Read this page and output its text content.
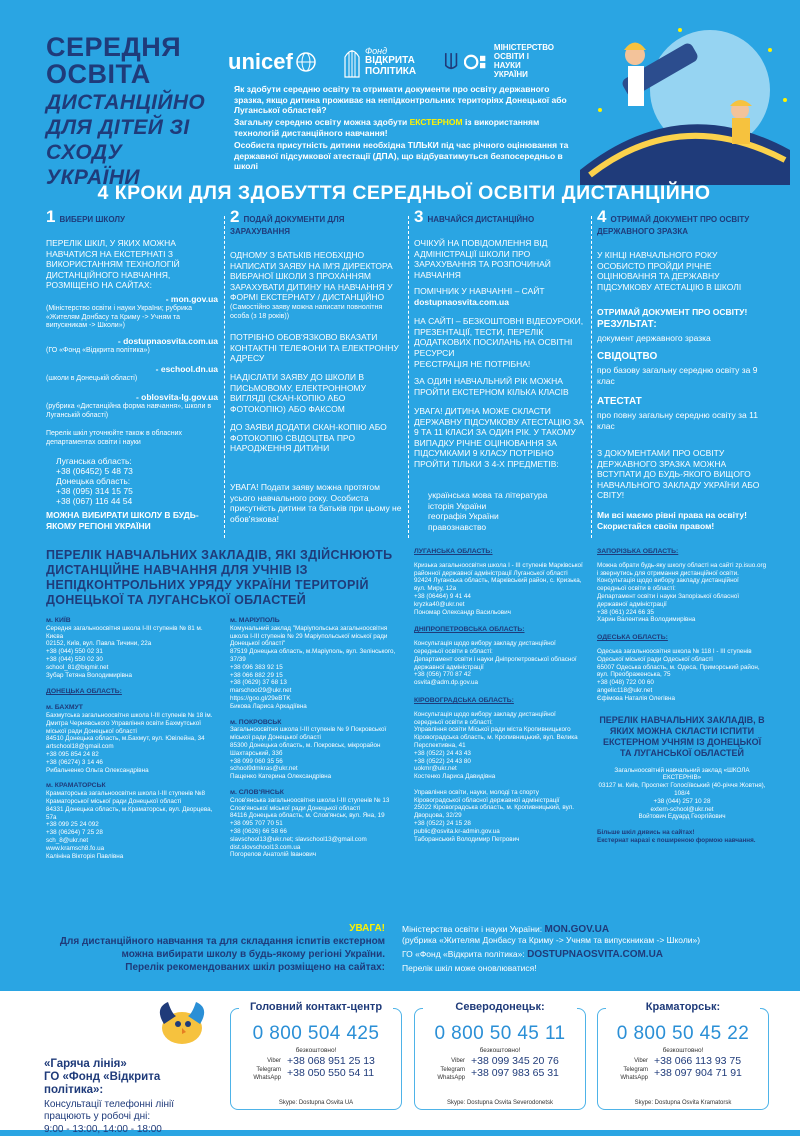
СЕРЕДНЯ
ОСВІТА
ДИСТАНЦІЙНО
ДЛЯ ДІТЕЙ ЗІ
СХОДУ УКРАЇНИ
unicef	Фонд
ВІДКРИТА
ПОЛІТИКА
МІНІСТЕРСТВО
ОСВІТИ І НАУКИ
УКРАЇНИ

Як здобути середню освіту та отримати документи про освіту державного зразка, якщо дитина проживає на непідконтрольних територіях Донецької або Луганської областей?

Загальну середню освіту можна здобути ЕКСТЕРНОМ із використанням технологій дистанційного навчання!

Особиста присутність дитини необхідна ТІЛЬКИ під час річного оцінювання та державної підсумкової атестації (ДПА), що відбуватимуться безпосередньо в школі

4 КРОКИ ДЛЯ ЗДОБУТТЯ СЕРЕДНЬОЇ ОСВІТИ ДИСТАНЦІЙНО
1 ВИБЕРИ ШКОЛУ
ПЕРЕЛІК ШКІЛ, У ЯКИХ МОЖНА НАВЧАТИСЯ НА ЕКСТЕРНАТІ З ВИКОРИСТАННЯМ ТЕХНОЛОГІЙ ДИСТАНЦІЙНОГО НАВЧАННЯ, РОЗМІЩЕНО НА САЙТАХ:
- mon.gov.ua
(Міністерство освіти і науки України; рубрика «Жителям Донбасу та Криму -> Учням та випускникам -> Школи»)
- dostupnaosvita.com.ua
(ГО «Фонд «Відкрита політика»)
- eschool.dn.ua
(школи в Донецькій області)
- oblosvita-lg.gov.ua
(рубрика «Дистанційна форма навчання», школи в Луганській області)
Перелік шкіл уточнюйте також в обласних департаментах освіти і науки
Луганська область:
+38 (06452) 5 48 73
Донецька область:
+38 (095) 314 15 75
+38 (067) 116 44 54
МОЖНА ВИБИРАТИ ШКОЛУ В БУДЬ-ЯКОМУ РЕГІОНІ УКРАЇНИ
2 ПОДАЙ ДОКУМЕНТИ ДЛЯ ЗАРАХУВАННЯ
ОДНОМУ З БАТЬКІВ НЕОБХІДНО НАПИСАТИ ЗАЯВУ НА ІМ'Я ДИРЕКТОРА ВИБРАНОЇ ШКОЛИ З ПРОХАННЯМ ЗАРАХУВАТИ ДИТИНУ НА НАВЧАННЯ У ФОРМІ ЕКСТЕРНАТУ / ДИСТАНЦІЙНО
(Самостійно заяву можна написати повнолітня особа (з 18 років))
ПОТРІБНО ОБОВ'ЯЗКОВО ВКАЗАТИ КОНТАКТНІ ТЕЛЕФОНИ ТА ЕЛЕКТРОННУ АДРЕСУ
НАДІСЛАТИ ЗАЯВУ ДО ШКОЛИ В ПИСЬМОВОМУ, ЕЛЕКТРОННОМУ ВИГЛЯДІ (СКАН-КОПІЮ АБО ФОТОКОПІЮ) АБО ФАКСОМ
ДО ЗАЯВИ ДОДАТИ СКАН-КОПІЮ АБО ФОТОКОПІЮ СВІДОЦТВА ПРО НАРОДЖЕННЯ ДИТИНИ
УВАГА! Подати заяву можна протягом усього навчального року. Особиста присутність дитини та батьків при цьому не обов'язкова!
3 НАВЧАЙСЯ ДИСТАНЦІЙНО
ОЧІКУЙ НА ПОВІДОМЛЕННЯ ВІД АДМІНІСТРАЦІЇ ШКОЛИ ПРО ЗАРАХУВАННЯ ТА РОЗПОЧИНАЙ НАВЧАННЯ
ПОМІЧНИК У НАВЧАННІ – САЙТ
dostupnaosvita.com.ua
НА САЙТІ – БЕЗКОШТОВНІ ВІДЕОУРОКИ, ПРЕЗЕНТАЦІЇ, ТЕСТИ, ПЕРЕЛІК ДОДАТКОВИХ ПОСИЛАНЬ НА ОСВІТНІ РЕСУРСИ
РЕЄСТРАЦІЯ НЕ ПОТРІБНА!
ЗА ОДИН НАВЧАЛЬНИЙ РІК МОЖНА ПРОЙТИ ЕКСТЕРНОМ КІЛЬКА КЛАСІВ
УВАГА! ДИТИНА МОЖЕ СКЛАСТИ ДЕРЖАВНУ ПІДСУМКОВУ АТЕСТАЦІЮ ЗА 9 ТА 11 КЛАСИ ЗА ОДИН РІК. У ТАКОМУ ВИПАДКУ РІЧНЕ ОЦІНЮВАННЯ ЗА ПІДСУМКАМИ 9 КЛАСУ ПОТРІБНО ПРОЙТИ ТІЛЬКИ З 4-Х ПРЕДМЕТІВ:
українська мова та література
історія України
географія України
правознавство
4 ОТРИМАЙ ДОКУМЕНТ ПРО ОСВІТУ ДЕРЖАВНОГО ЗРАЗКА
У КІНЦІ НАВЧАЛЬНОГО РОКУ ОСОБИСТО ПРОЙДИ РІЧНЕ ОЦІНЮВАННЯ ТА ДЕРЖАВНУ ПІДСУМКОВУ АТЕСТАЦІЮ В ШКОЛІ
ОТРИМАЙ ДОКУМЕНТ ПРО ОСВІТУ!
РЕЗУЛЬТАТ:
документ державного зразка
СВІДОЦТВО
про базову загальну середню освіту за 9 клас
АТЕСТАТ
про повну загальну середню освіту за 11 клас
З ДОКУМЕНТАМИ ПРО ОСВІТУ ДЕРЖАВНОГО ЗРАЗКА МОЖНА ВСТУПАТИ ДО БУДЬ-ЯКОГО ВИЩОГО НАВЧАЛЬНОГО ЗАКЛАДУ УКРАЇНИ АБО СВІТУ!
Ми всі маємо рівні права на освіту! Скористайся своїм правом!
ПЕРЕЛІК НАВЧАЛЬНИХ ЗАКЛАДІВ, ЯКІ ЗДІЙСНЮЮТЬ ДИСТАНЦІЙНЕ НАВЧАННЯ ДЛЯ УЧНІВ ІЗ НЕПІДКОНТРОЛЬНИХ УРЯДУ УКРАЇНИ ТЕРИТОРІЙ ДОНЕЦЬКОЇ ТА ЛУГАНСЬКОЇ ОБЛАСТЕЙ
м. КИЇВ
Середня загальноосвітня школа І-ІІІ ступенів № 81 м. Києва
02152, Київ, вул. Павла Тичини, 22а
+38 (044) 550 02 31
+38 (044) 550 02 30
school_81@bigmir.net
Зубар Тетяна Володимирівна
ДОНЕЦЬКА ОБЛАСТЬ:
м. БАХМУТ
Бахмутська загальноосвітня школа І-ІІІ ступенів № 18 ім. Дмитра Чернявського Управління освіти Бахмутської міської ради Донецької області
84510 Донецька область, м.Бахмут, вул. Ювілейна, 34
artschool18@gmail.com
+38 095 854 24 82
+38 (06274) 3 14 46
Рибальченко Ольга Олександрівна
м. КРАМАТОРСЬК
Краматорська загальноосвітня школа І-ІІІ ступенів №8 Краматорської міської ради Донецької області
84331 Донецька область, м.Краматорськ, вул. Дворцева, 57а
+38 099 25 24 092
+38 (06264) 7 25 28
sch_8@ukr.net
www.kramsch8.fo.ua
Калініна Вікторія Павлівна
м. МАРІУПОЛЬ
Комунальний заклад "Маріупольська загальноосвітня школа І-ІІІ ступенів № 29 Маріупольської міської ради Донецької області"
87519 Донецька область, м.Маріуполь, вул. Зелінського, 37/39
+38 096 383 92 15
+38 066 882 29 15
+38 (0629) 37 68 13
marschool29@ukr.net
https://goo.gl/29eBTK
Бикова Лариса Аркадіївна
м. ПОКРОВСЬК
Загальноосвітня школа І-ІІІ ступенів № 9 Покровської міської ради Донецької області
85300 Донецька область, м. Покровськ, мікрорайон Шахтарський, 33б
+38 099 060 35 56
school9dmkras@ukr.net
Пащенко Катерина Олександрівна
м. СЛОВ'ЯНСЬК
Слов'янська загальноосвітня школа І-ІІІ ступенів № 13 Слов'янської міської ради Донецької області
84116 Донецька область, м. Слов'янськ, вул. Яна, 19
+38 095 707 70 51
+38 (0626) 66 58 66
slavschool13@ukr.net; slavschool13@gmail.com
dist.slovschool13.com.ua
Погорелов Анатолій Іванович
ЛУГАНСЬКА ОБЛАСТЬ:
Кризька загальноосвітня школа І - ІІІ ступенів Марківської районної державної адміністрації Луганської області
92424 Луганська область, Марківський район, с. Кризька, вул. Миру, 12а
+38 (06464) 9 41 44
kryzka40@ukr.net
Пономар Олександр Васильович
ДНІПРОПЕТРОВСЬКА ОБЛАСТЬ:
Консультація щодо вибору закладу дистанційної середньої освіти в області:
Департамент освіти і науки Дніпропетровської обласної державної адміністрації
+38 (056) 770 87 42
osvita@adm.dp.gov.ua
КІРОВОГРАДСЬКА ОБЛАСТЬ:
Консультація щодо вибору закладу дистанційної середньої освіти в області:
Управління освіти Міської ради міста Кропивницького Кіровоградська область, м. Кропивницький, вул. Велика Перспективна, 41
+38 (0522) 24 43 43
+38 (0522) 24 43 80
uokmr@ukr.net
Костенко Лариса Давидівна

Управління освіти, науки, молоді та спорту Кіровоградської обласної державної адміністрації
25022 Кіровоградська область, м. Кропивницький, вул. Дворцова, 32/29
+38 (0522) 24 15 28
public@osvita.kr-admin.gov.ua
Таборанський Володимир Петрович
ЗАПОРІЗЬКА ОБЛАСТЬ:
Можна обрати будь-яку школу області на сайті zp.isuo.org і звернутись для отримання дистанційної освіти.
Консультація щодо вибору закладу дистанційної середньої освіти в області:
Департамент освіти і науки Запорізької обласної державної адміністрації
+38 (061) 224 66 35
Харин Валентина Володимирівна
ОДЕСЬКА ОБЛАСТЬ:
Одеська загальноосвітня школа № 118 І - ІІІ ступенів Одеської міської ради Одеської області
65007 Одеська область, м. Одеса, Приморський район, вул. Преображенська, 75
+38 (048) 722 00 60
angelic118@ukr.net
Єфімова Наталія Олегівна
ПЕРЕЛІК НАВЧАЛЬНИХ ЗАКЛАДІВ, В ЯКИХ МОЖНА СКЛАСТИ ІСПИТИ ЕКСТЕРНОМ УЧНЯМ ІЗ ДОНЕЦЬКОЇ ТА ЛУГАНСЬКОЇ ОБЛАСТЕЙ
Загальноосвітній навчальний заклад «ШКОЛА ЕКСТЕРНІВ»
03127 м. Київ, Проспект Голосіївський (40-річчя Жовтня), 108/4
+38 (044) 257 10 28
extern-school@ukr.net
Войтович Едуард Георгійович
Більше шкіл дивись на сайтах!
Екстернат наразі є поширеною формою навчання.
УВАГА!
Для дистанційного навчання та для складання іспитів екстерном можна вибирати школу в будь-якому регіоні України.
Перелік рекомендованих шкіл розміщено на сайтах:
Міністерства освіти і науки України: MON.GOV.UA
(рубрика «Жителям Донбасу та Криму -> Учням та випускникам -> Школи»)
ГО «Фонд «Відкрита політика»: DOSTUPNAOSVITA.COM.UA
Перелік шкіл може оновлюватися!
«Гаряча лінія»
ГО «Фонд «Відкрита політика»:
Консультації телефонні лінії працюють у робочі дні:
9:00 - 13:00, 14:00 - 18:00
Головний контакт-центр
0 800 504 425
безкоштовно!
Viber
Telegram
WhatsApp
+38 068 951 25 13
+38 050 550 54 11
Skype: Dostupna Osvita UA
Северодонецьк:
0 800 50 45 11
безкоштовно!
Viber
Telegram
WhatsApp
+38 099 345 20 76
+38 097 983 65 31
Skype: Dostupna Osvita Severodonetsk
Краматорськ:
0 800 50 45 22
безкоштовно!
Viber
Telegram
WhatsApp
+38 066 113 93 75
+38 097 904 71 91
Skype: Dostupna Osvita Kramatorsk
